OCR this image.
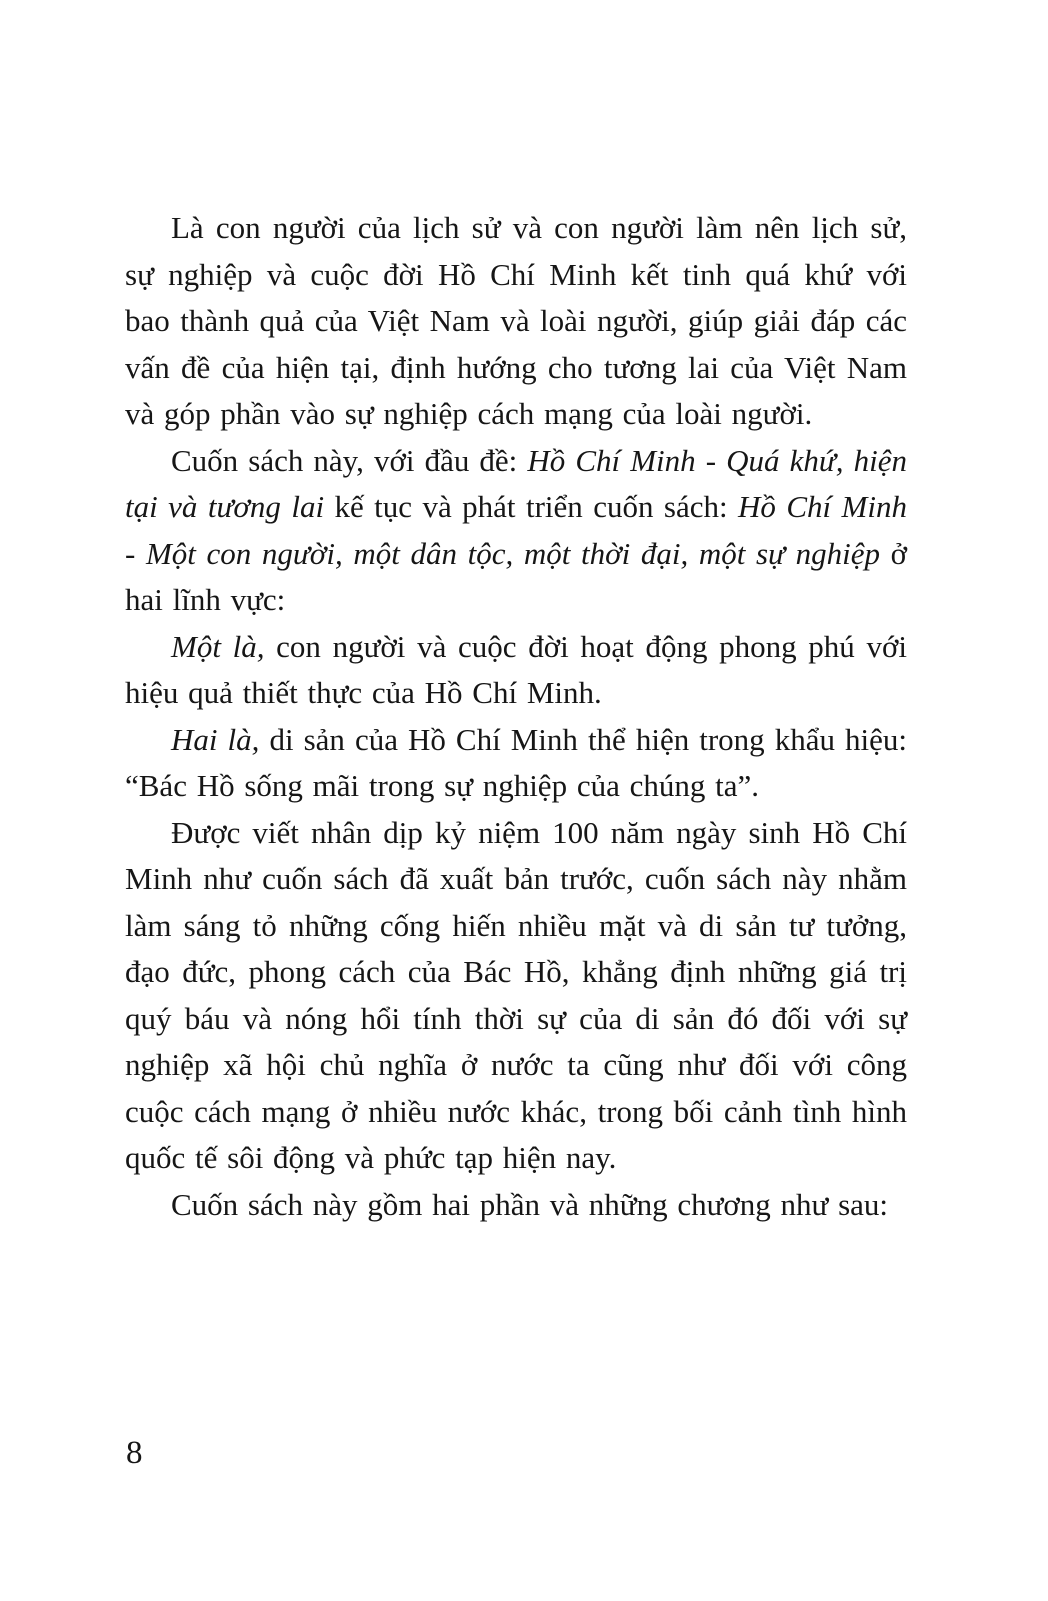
Là con người của lịch sử và con người làm nên lịch sử, sự nghiệp và cuộc đời Hồ Chí Minh kết tinh quá khứ với bao thành quả của Việt Nam và loài người, giúp giải đáp các vấn đề của hiện tại, định hướng cho tương lai của Việt Nam và góp phần vào sự nghiệp cách mạng của loài người.

Cuốn sách này, với đầu đề: Hồ Chí Minh - Quá khứ, hiện tại và tương lai kế tục và phát triển cuốn sách: Hồ Chí Minh - Một con người, một dân tộc, một thời đại, một sự nghiệp ở hai lĩnh vực:

Một là, con người và cuộc đời hoạt động phong phú với hiệu quả thiết thực của Hồ Chí Minh.

Hai là, di sản của Hồ Chí Minh thể hiện trong khẩu hiệu: “Bác Hồ sống mãi trong sự nghiệp của chúng ta”.

Được viết nhân dịp kỷ niệm 100 năm ngày sinh Hồ Chí Minh như cuốn sách đã xuất bản trước, cuốn sách này nhằm làm sáng tỏ những cống hiến nhiều mặt và di sản tư tưởng, đạo đức, phong cách của Bác Hồ, khẳng định những giá trị quý báu và nóng hổi tính thời sự của di sản đó đối với sự nghiệp xã hội chủ nghĩa ở nước ta cũng như đối với công cuộc cách mạng ở nhiều nước khác, trong bối cảnh tình hình quốc tế sôi động và phức tạp hiện nay.

Cuốn sách này gồm hai phần và những chương như sau:

8
